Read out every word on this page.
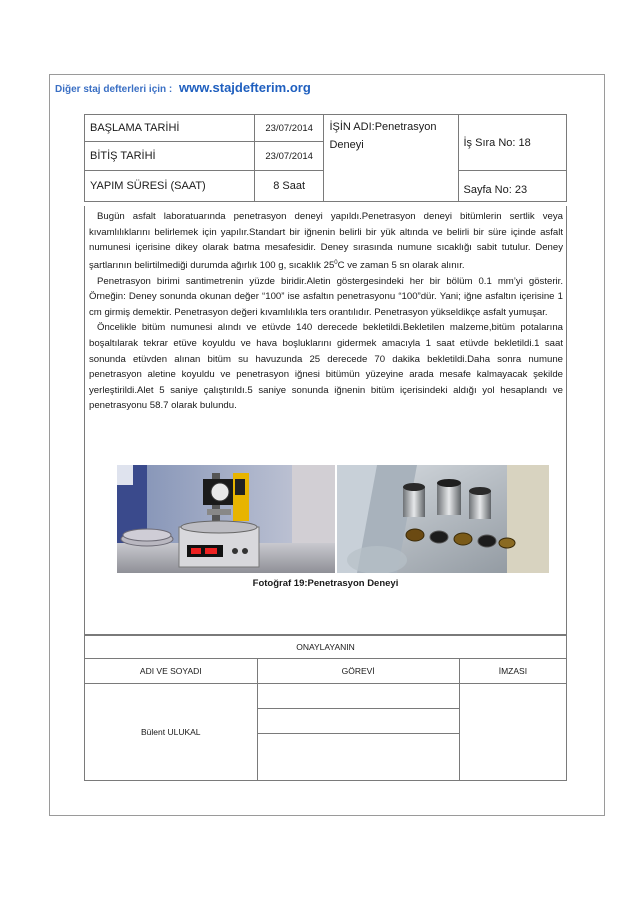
Diğer staj defterleri için : www.stajdefterim.org
BAŞLAMA TARİHİ	23/07/2014	İŞİN ADI:Penetrasyon Deneyi	İş Sıra No: 18
BİTİŞ TARİHİ	23/07/2014		
YAPIM SÜRESİ (SAAT)	8 Saat		Sayfa No: 23

Bugün asfalt laboratuarında penetrasyon deneyi yapıldı.Penetrasyon deneyi bitümlerin sertlik veya kıvamlılıklarını belirlemek için yapılır.Standart bir iğnenin belirli bir yük altında ve belirli bir süre içinde asfalt numunesi içerisine dikey olarak batma mesafesidir. Deney sırasında numune sıcaklığı sabit tutulur. Deney şartlarının belirtilmediği durumda ağırlık 100 g, sıcaklık $25^0C$ ve zaman 5 sn olarak alınır.

Penetrasyon birimi santimetrenin yüzde biridir.Aletin göstergesindeki her bir bölüm 0.1 mm’yi gösterir. Örneğin: Deney sonunda okunan değer “100” ise asfaltın penetrasyonu “100”dür. Yani; iğne asfaltın içerisine 1 cm girmiş demektir. Penetrasyon değeri kıvamlılıkla ters orantılıdır. Penetrasyon yükseldikçe asfalt yumuşar.

Öncelikle bitüm numunesi alındı ve etüvde 140 derecede bekletildi.Bekletilen malzeme,bitüm potalarına boşaltılarak tekrar etüve koyuldu ve hava boşluklarını gidermek amacıyla 1 saat etüvde bekletildi.1 saat sonunda etüvden alınan bitüm su havuzunda 25 derecede 70 dakika bekletildi.Daha sonra numune penetrasyon aletine koyuldu ve penetrasyon iğnesi bitümün yüzeyine arada mesafe kalmayacak şekilde yerleştirildi.Alet 5 saniye çalıştırıldı.5 saniye sonunda iğnenin bitüm içerisindeki aldığı yol hesaplandı ve penetrasyonu 58.7 olarak bulundu.

Fotoğraf 19:Penetrasyon Deneyi
ONAYLAYANIN		
ADI VE SOYADI	GÖREVİ	İMZASI
Bülent ULUKAL		
